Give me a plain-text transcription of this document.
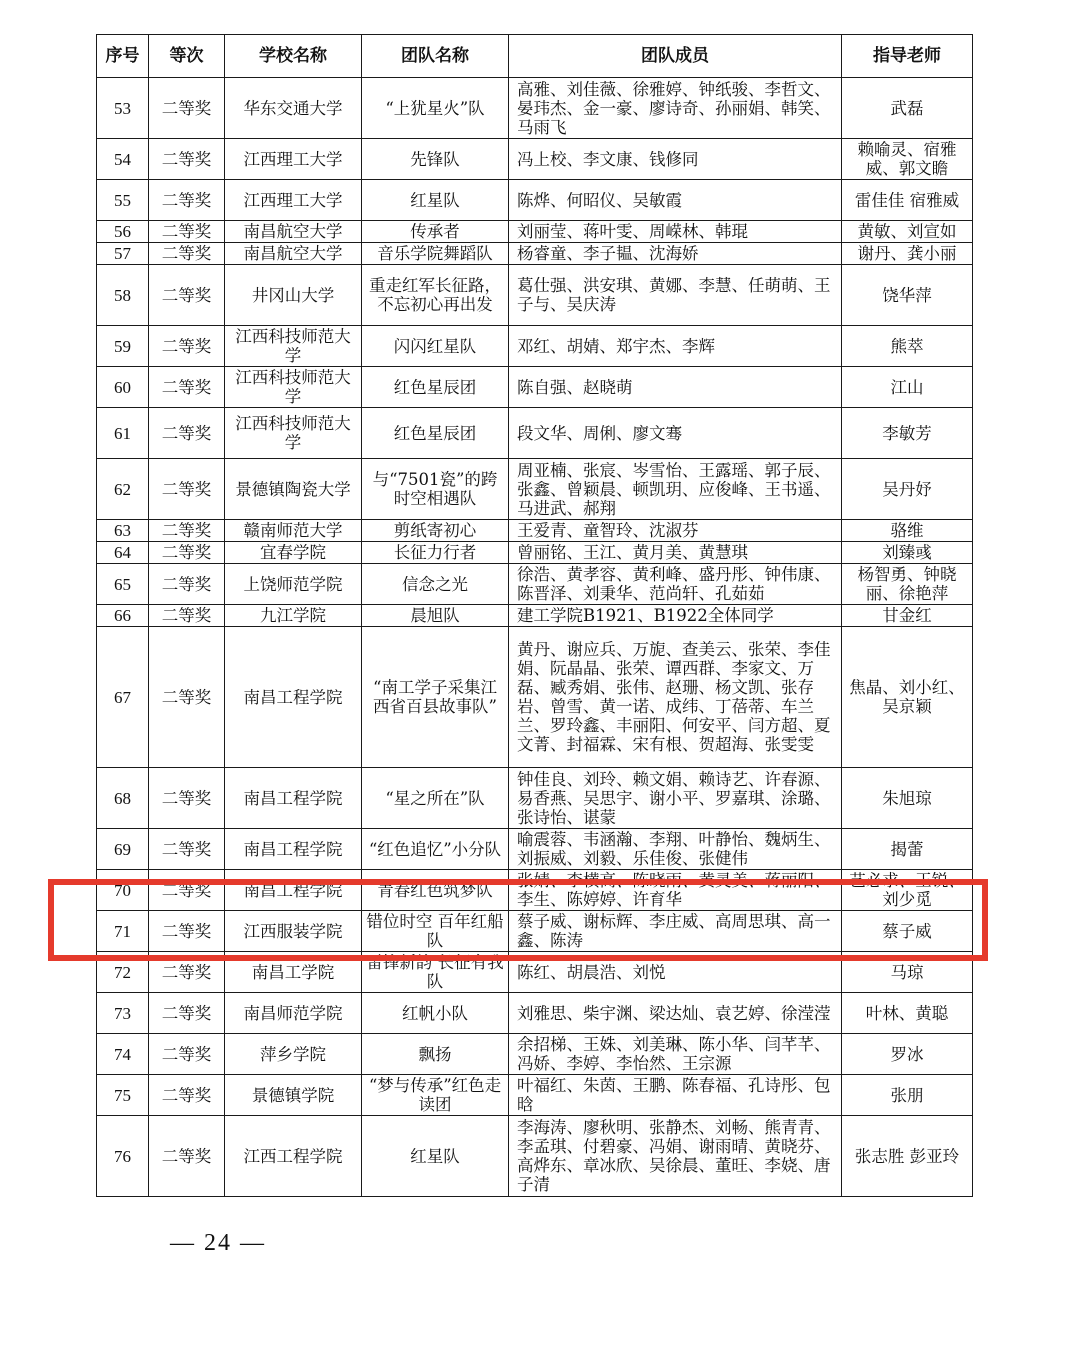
序号	等次	学校名称	团队名称	团队成员	指导老师
53	二等奖	华东交通大学	“上犹星火”队	高雅、刘佳薇、徐雅婷、钟纸骏、李哲文、晏玮杰、金一豪、廖诗奇、孙丽娟、韩笑、马雨飞	武磊
54	二等奖	江西理工大学	先锋队	冯上校、李文康、钱修同	赖喻灵、宿雅威、郭文瞻
55	二等奖	江西理工大学	红星队	陈烨、何昭仪、吴敏霞	雷佳佳 宿雅威
56	二等奖	南昌航空大学	传承者	刘丽莹、蒋叶雯、周嵘林、韩琨	黄敏、刘宣如
57	二等奖	南昌航空大学	音乐学院舞蹈队	杨睿童、李子韫、沈海娇	谢丹、龚小丽
58	二等奖	井冈山大学	重走红军长征路，不忘初心再出发	葛仕强、洪安琪、黄娜、李慧、任萌萌、王子与、吴庆涛	饶华萍
59	二等奖	江西科技师范大学	闪闪红星队	邓红、胡婧、郑宇杰、李辉	熊萃
60	二等奖	江西科技师范大学	红色星辰团	陈自强、赵晓萌	江山
61	二等奖	江西科技师范大学	红色星辰团	段文华、周俐、廖文骞	李敏芳
62	二等奖	景德镇陶瓷大学	与“7501瓷”的跨时空相遇队	周亚楠、张宸、岑雪怡、王露瑶、郭子辰、张鑫、曾颖晨、顿凯玥、应俊峰、王书遥、马进武、郝翔	吴丹妤
63	二等奖	赣南师范大学	剪纸寄初心	王爱青、童智玲、沈淑芬	骆维
64	二等奖	宜春学院	长征力行者	曾丽铭、王江、黄月美、黄慧琪	刘臻彧
65	二等奖	上饶师范学院	信念之光	徐浩、黄孝容、黄利峰、盛丹彤、钟伟康、陈晋泽、刘秉华、范尚轩、孔茹茹	杨智勇、钟晓丽、徐艳萍
66	二等奖	九江学院	晨旭队	建工学院B1921、B1922全体同学	甘金红
67	二等奖	南昌工程学院	“南工学子采集江西省百县故事队”	黄丹、谢应兵、万旎、查美云、张荣、李佳娟、阮晶晶、张荣、谭西群、李家文、万磊、臧秀娟、张伟、赵珊、杨文凯、张存岩、曾雪、黄一诺、成纬、丁蓓蒂、车兰兰、罗玲鑫、丰丽阳、何安平、闫方超、夏文菁、封福霖、宋有根、贺超海、张雯雯	焦晶、刘小红、吴京颖
68	二等奖	南昌工程学院	“星之所在”队	钟佳良、刘玲、赖文娟、赖诗艺、许春源、易香燕、吴思宇、谢小平、罗嘉琪、涂璐、张诗怡、谌蒙	朱旭琼
69	二等奖	南昌工程学院	“红色追忆”小分队	喻震蓉、韦涵瀚、李翔、叶静怡、魏炳生、刘振威、刘毅、乐佳俊、张健伟	揭蕾
70	二等奖	南昌工程学院	青春红色筑梦队	张婧、李横高、陈晓雨、黄灵美、蒋丽阳、李生、陈婷婷、许育华	艺必求、王锐、刘少觅
71	二等奖	江西服装学院	错位时空 百年红船队	蔡子威、谢标辉、李庄威、高周思琪、高一鑫、陈涛	蔡子威
72	二等奖	南昌工学院	雷锋新韵 长征有我队	陈红、胡晨浩、刘悦	马琼
73	二等奖	南昌师范学院	红帆小队	刘雅思、柴宇渊、梁达灿、袁艺婷、徐滢滢	叶林、黄聪
74	二等奖	萍乡学院	飘扬	余招梯、王姝、刘美琳、陈小华、闫芊芊、冯娇、李婷、李怡然、王宗源	罗冰
75	二等奖	景德镇学院	“梦与传承”红色走读团	叶福红、朱茵、王鹏、陈春福、孔诗彤、包晗	张朋
76	二等奖	江西工程学院	红星队	李海涛、廖秋明、张静杰、刘畅、熊青青、李孟琪、付碧豪、冯娟、谢雨晴、黄晓芬、高烨东、章冰欣、吴徐晨、董旺、李娆、唐子清	张志胜 彭亚玲
— 24 —
